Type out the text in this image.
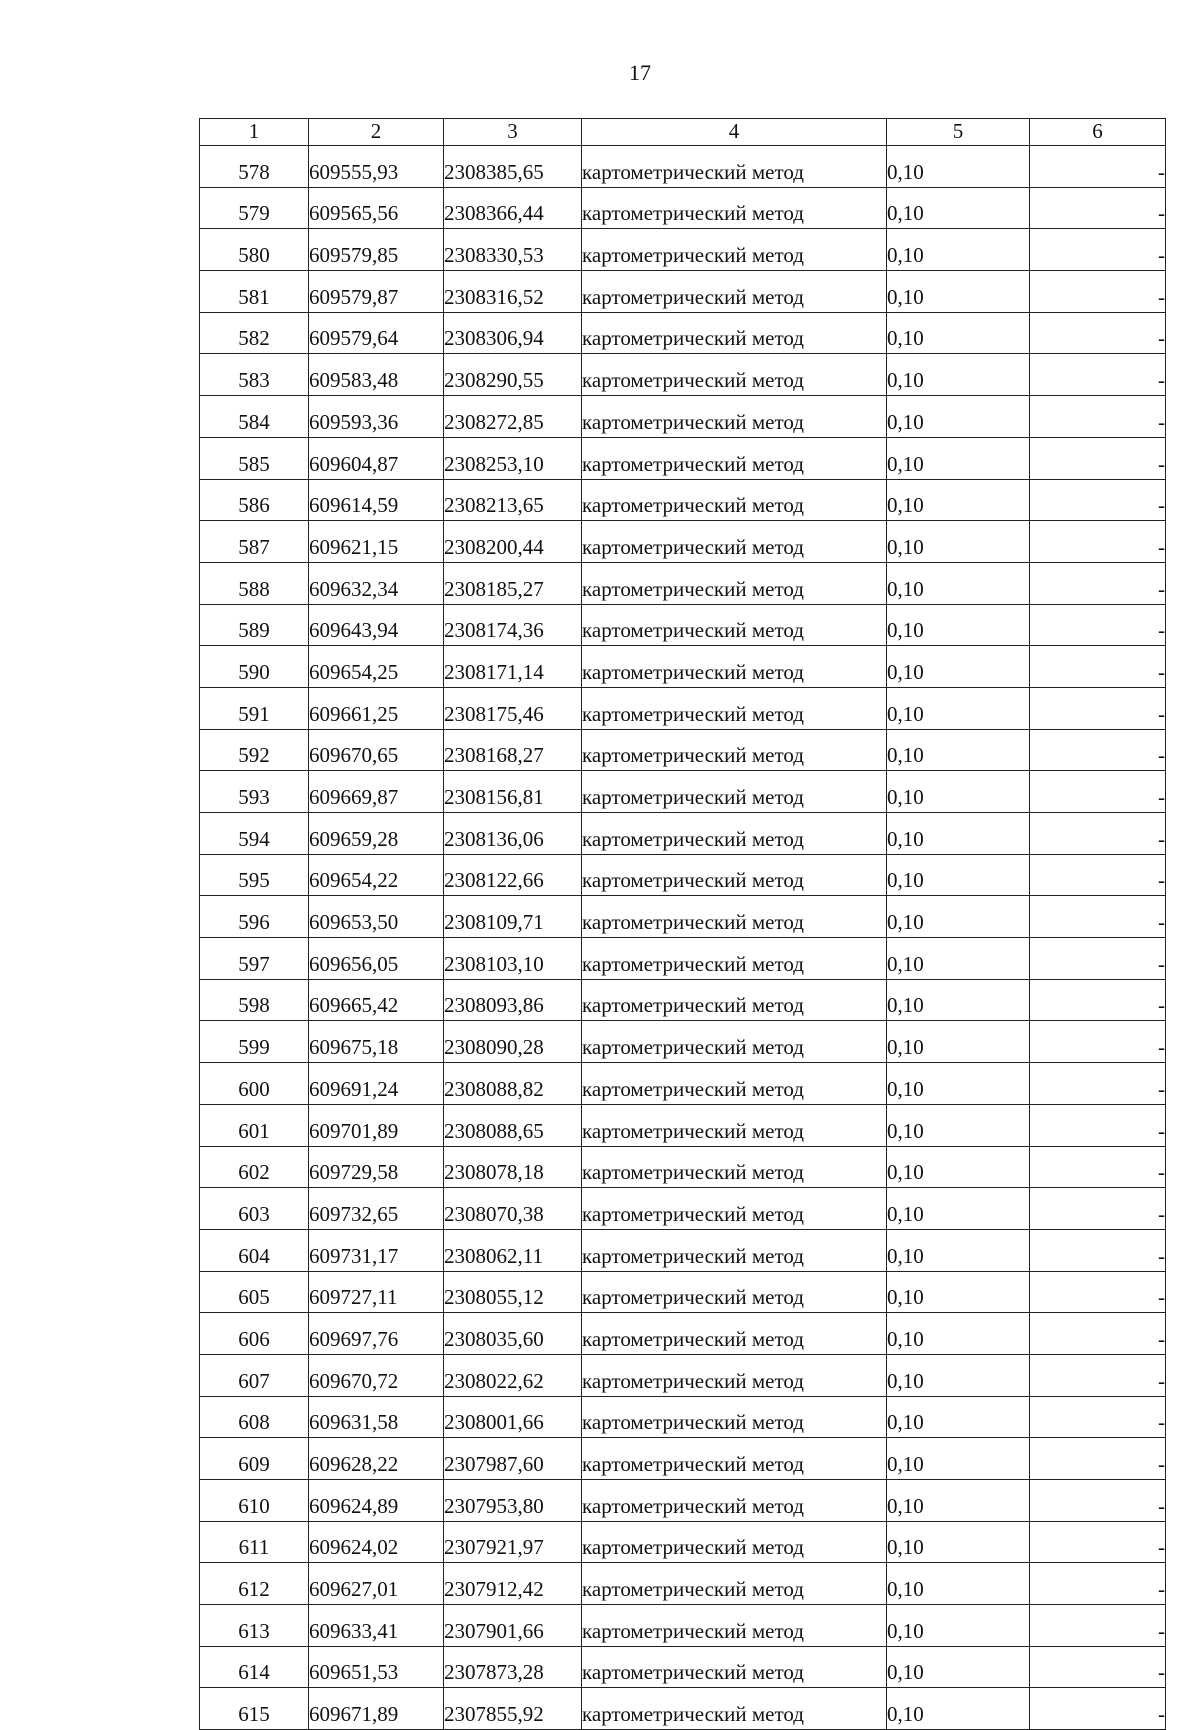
17
1	2	3	4	5	6
578	609555,93	2308385,65	картометрический метод	0,10	-
579	609565,56	2308366,44	картометрический метод	0,10	-
580	609579,85	2308330,53	картометрический метод	0,10	-
581	609579,87	2308316,52	картометрический метод	0,10	-
582	609579,64	2308306,94	картометрический метод	0,10	-
583	609583,48	2308290,55	картометрический метод	0,10	-
584	609593,36	2308272,85	картометрический метод	0,10	-
585	609604,87	2308253,10	картометрический метод	0,10	-
586	609614,59	2308213,65	картометрический метод	0,10	-
587	609621,15	2308200,44	картометрический метод	0,10	-
588	609632,34	2308185,27	картометрический метод	0,10	-
589	609643,94	2308174,36	картометрический метод	0,10	-
590	609654,25	2308171,14	картометрический метод	0,10	-
591	609661,25	2308175,46	картометрический метод	0,10	-
592	609670,65	2308168,27	картометрический метод	0,10	-
593	609669,87	2308156,81	картометрический метод	0,10	-
594	609659,28	2308136,06	картометрический метод	0,10	-
595	609654,22	2308122,66	картометрический метод	0,10	-
596	609653,50	2308109,71	картометрический метод	0,10	-
597	609656,05	2308103,10	картометрический метод	0,10	-
598	609665,42	2308093,86	картометрический метод	0,10	-
599	609675,18	2308090,28	картометрический метод	0,10	-
600	609691,24	2308088,82	картометрический метод	0,10	-
601	609701,89	2308088,65	картометрический метод	0,10	-
602	609729,58	2308078,18	картометрический метод	0,10	-
603	609732,65	2308070,38	картометрический метод	0,10	-
604	609731,17	2308062,11	картометрический метод	0,10	-
605	609727,11	2308055,12	картометрический метод	0,10	-
606	609697,76	2308035,60	картометрический метод	0,10	-
607	609670,72	2308022,62	картометрический метод	0,10	-
608	609631,58	2308001,66	картометрический метод	0,10	-
609	609628,22	2307987,60	картометрический метод	0,10	-
610	609624,89	2307953,80	картометрический метод	0,10	-
611	609624,02	2307921,97	картометрический метод	0,10	-
612	609627,01	2307912,42	картометрический метод	0,10	-
613	609633,41	2307901,66	картометрический метод	0,10	-
614	609651,53	2307873,28	картометрический метод	0,10	-
615	609671,89	2307855,92	картометрический метод	0,10	-
